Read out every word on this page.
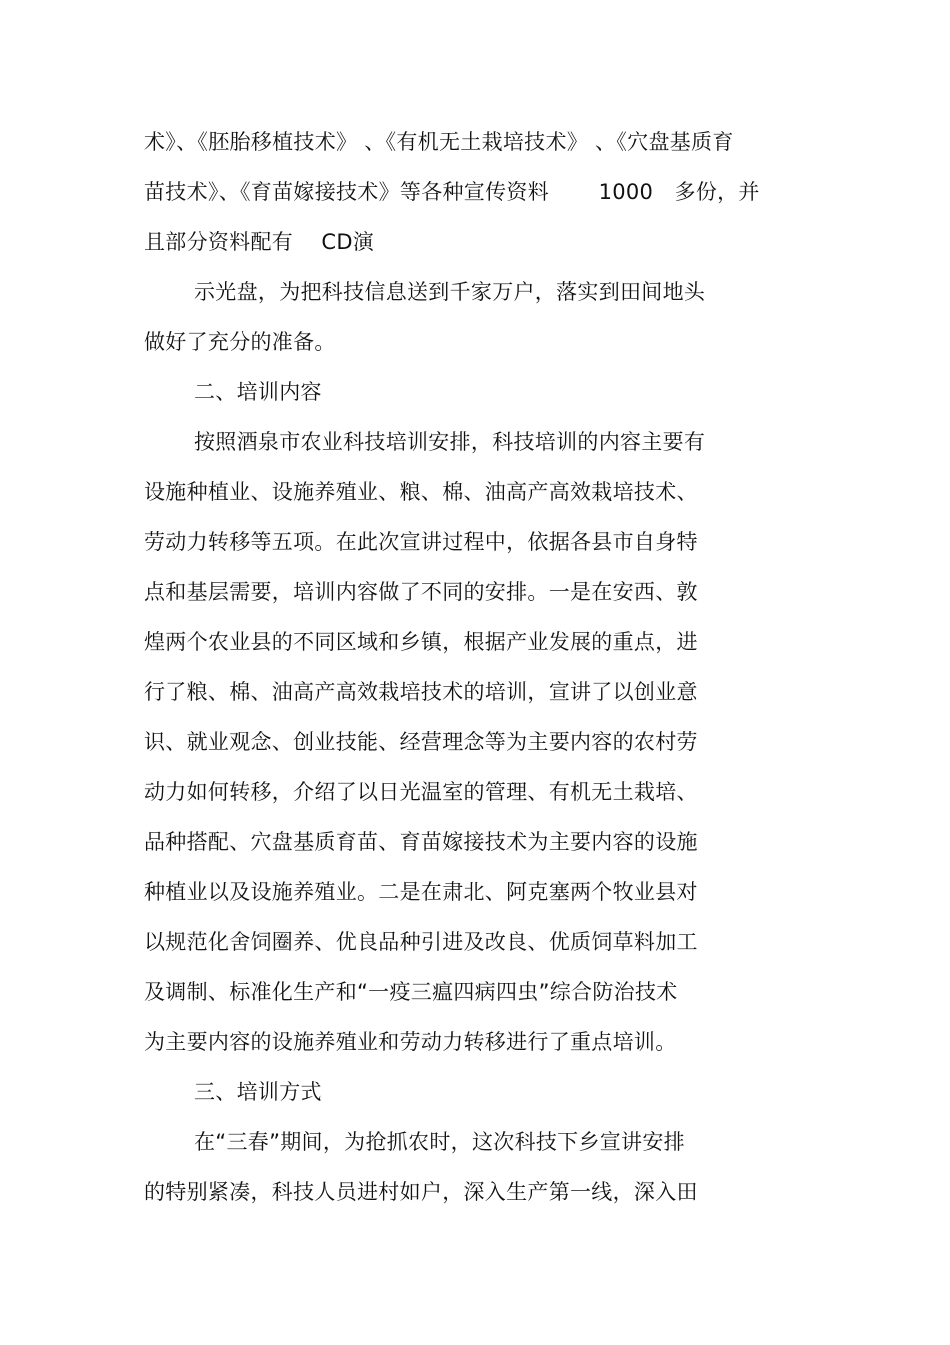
术》、《胚胎移植技术》 、《有机无土栽培技术》 、《穴盘基质育
苗技术》、《育苗嫁接技术》等各种宣传资料 　　1000　多份，并
且部分资料配有 　CD演
示光盘，为把科技信息送到千家万户，落实到田间地头
做好了充分的准备。
二、培训内容
按照酒泉市农业科技培训安排，科技培训的内容主要有
设施种植业、设施养殖业、粮、棉、油高产高效栽培技术、
劳动力转移等五项。在此次宣讲过程中，依据各县市自身特
点和基层需要，培训内容做了不同的安排。一是在安西、敦
煌两个农业县的不同区域和乡镇，根据产业发展的重点，进
行了粮、棉、油高产高效栽培技术的培训，宣讲了以创业意
识、就业观念、创业技能、经营理念等为主要内容的农村劳
动力如何转移，介绍了以日光温室的管理、有机无土栽培、
品种搭配、穴盘基质育苗、育苗嫁接技术为主要内容的设施
种植业以及设施养殖业。二是在肃北、阿克塞两个牧业县对
以规范化舍饲圈养、优良品种引进及改良、优质饲草料加工
及调制、标准化生产和“一疫三瘟四病四虫”综合防治技术
为主要内容的设施养殖业和劳动力转移进行了重点培训。
三、培训方式
在“三春”期间，为抢抓农时，这次科技下乡宣讲安排
的特别紧凑，科技人员进村如户，深入生产第一线，深入田
